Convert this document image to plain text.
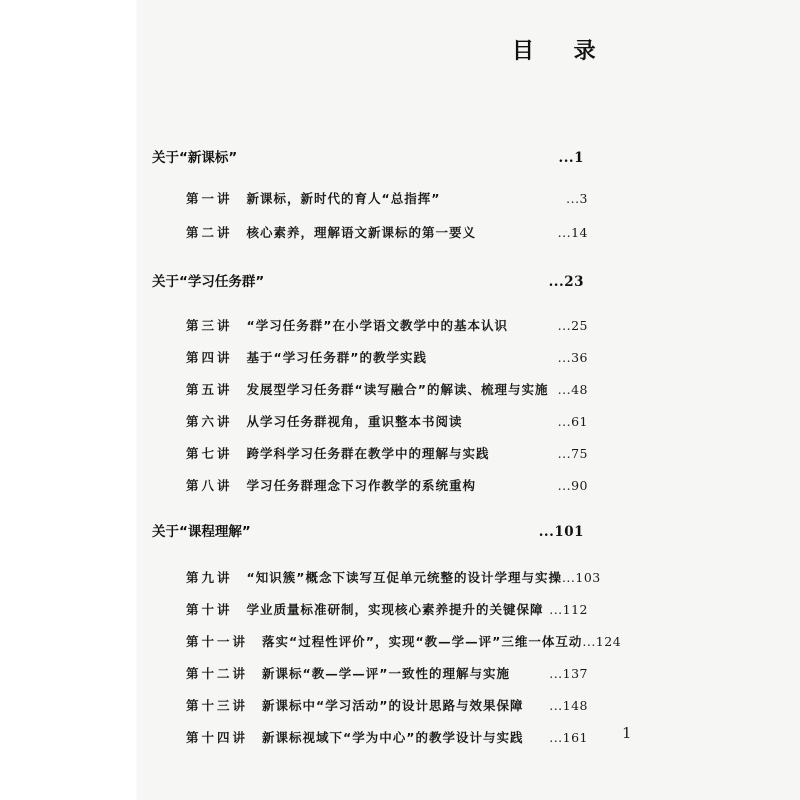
目 录
关于“新课标”	...1
第一讲 新课标，新时代的育人“总指挥”	...3
第二讲 核心素养，理解语文新课标的第一要义	...14
关于“学习任务群”	...23
第三讲 “学习任务群”在小学语文教学中的基本认识	...25
第四讲 基于“学习任务群”的教学实践	...36
第五讲 发展型学习任务群“读写融合”的解读、梳理与实施 ...48
第六讲 从学习任务群视角，重识整本书阅读	...61
第七讲 跨学科学习任务群在教学中的理解与实践	...75
第八讲 学习任务群理念下习作教学的系统重构	...90
关于“课程理解”	...101
第九讲 “知识簇”概念下读写互促单元统整的设计学理与实操 ...103
第十讲 学业质量标准研制，实现核心素养提升的关键保障 ...112
第十一讲 落实“过程性评价”，实现“教—学—评”三维一体互动 ...124
第十二讲 新课标“教—学—评”一致性的理解与实施	...137
第十三讲 新课标中“学习活动”的设计思路与效果保障	...148
第十四讲 新课标视域下“学为中心”的教学设计与实践	...161 1
